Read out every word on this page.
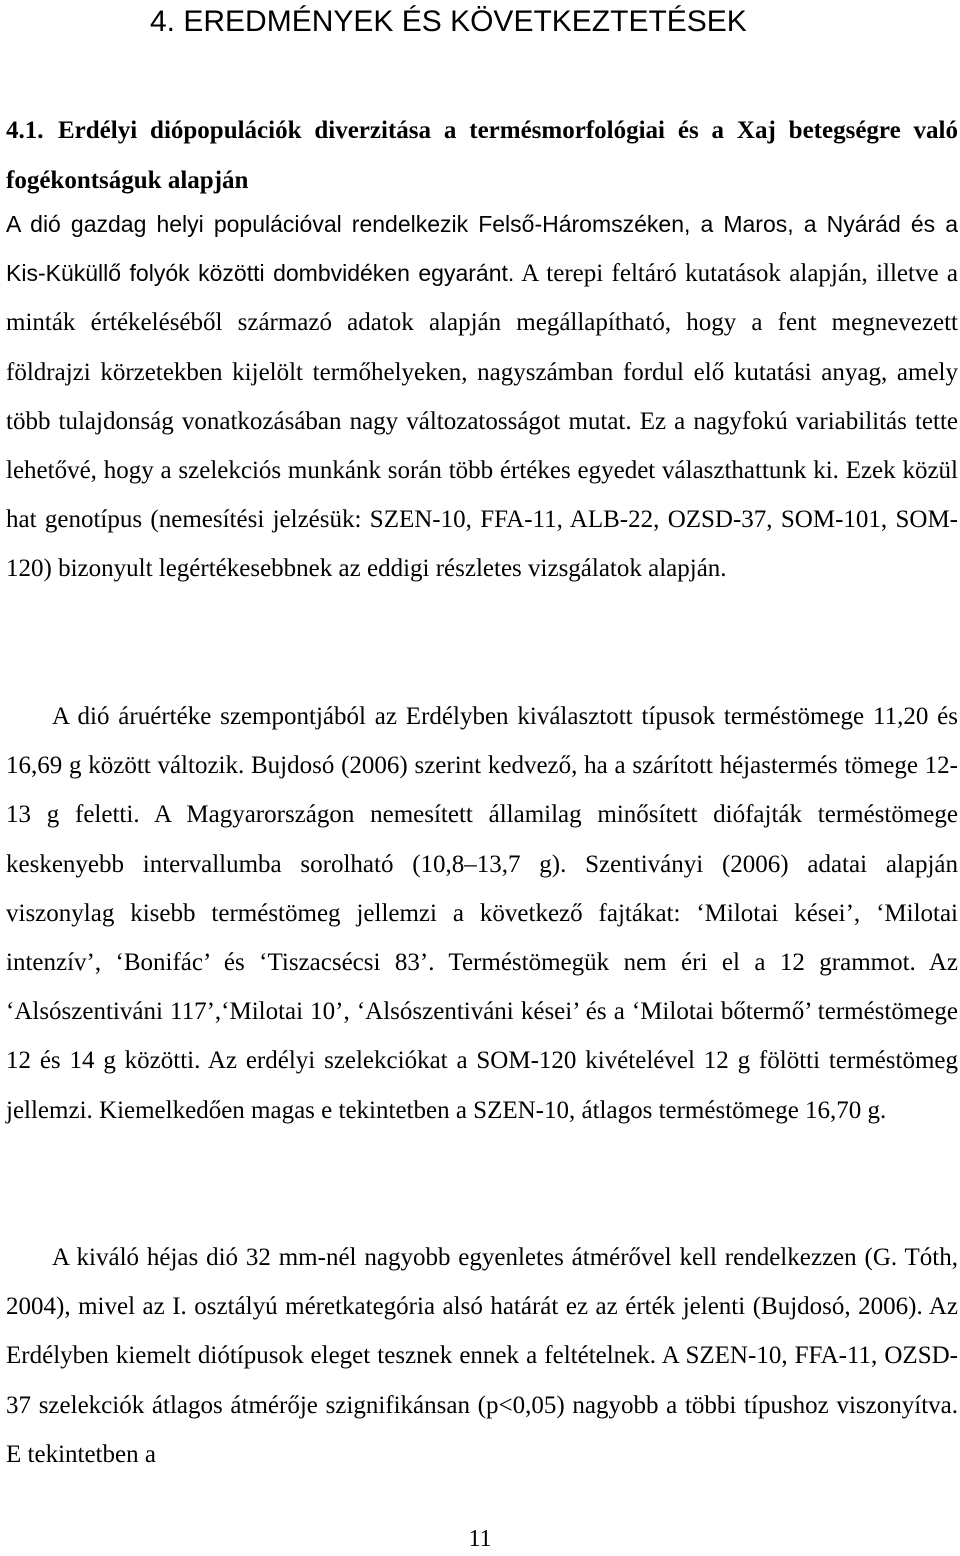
4. EREDMÉNYEK ÉS KÖVETKEZTETÉSEK
4.1. Erdélyi diópopulációk diverzitása a termésmorfológiai és a Xaj betegségre való fogékontságuk alapján

A dió gazdag helyi populációval rendelkezik Felső-Háromszéken, a Maros, a Nyárád és a Kis-Küküllő folyók közötti dombvidéken egyaránt. A terepi feltáró kutatások alapján, illetve a minták értékeléséből származó adatok alapján megállapítható, hogy a fent megnevezett földrajzi körzetekben kijelölt termőhelyeken, nagyszámban fordul elő kutatási anyag, amely több tulajdonság vonatkozásában nagy változatosságot mutat. Ez a nagyfokú variabilitás tette lehetővé, hogy a szelekciós munkánk során több értékes egyedet választhattunk ki. Ezek közül hat genotípus (nemesítési jelzésük: SZEN-10, FFA-11, ALB-22, OZSD-37, SOM-101, SOM-120) bizonyult legértékesebbnek az eddigi részletes vizsgálatok alapján.

A dió áruértéke szempontjából az Erdélyben kiválasztott típusok terméstömege 11,20 és 16,69 g között változik. Bujdosó (2006) szerint kedvező, ha a szárított héjastermés tömege 12-13 g feletti. A Magyarországon nemesített államilag minősített diófajták terméstömege keskenyebb intervallumba sorolható (10,8–13,7 g). Szentiványi (2006) adatai alapján viszonylag kisebb terméstömeg jellemzi a következő fajtákat: ‘Milotai kései’, ‘Milotai intenzív’, ‘Bonifác’ és ‘Tiszacsécsi 83’. Terméstömegük nem éri el a 12 grammot. Az ‘Alsószentiváni 117’,‘Milotai 10’, ‘Alsószentiváni kései’ és a ‘Milotai bőtermő’ terméstömege 12 és 14 g közötti. Az erdélyi szelekciókat a SOM-120 kivételével 12 g fölötti terméstömeg jellemzi. Kiemelkedően magas e tekintetben a SZEN-10, átlagos terméstömege 16,70 g.

A kiváló héjas dió 32 mm-nél nagyobb egyenletes átmérővel kell rendelkezzen (G. Tóth, 2004), mivel az I. osztályú méretkategória alsó határát ez az érték jelenti (Bujdosó, 2006). Az Erdélyben kiemelt diótípusok eleget tesznek ennek a feltételnek. A SZEN-10, FFA-11, OZSD-37 szelekciók átlagos átmérője szignifikánsan (p<0,05) nagyobb a többi típushoz viszonyítva. E tekintetben a

11
